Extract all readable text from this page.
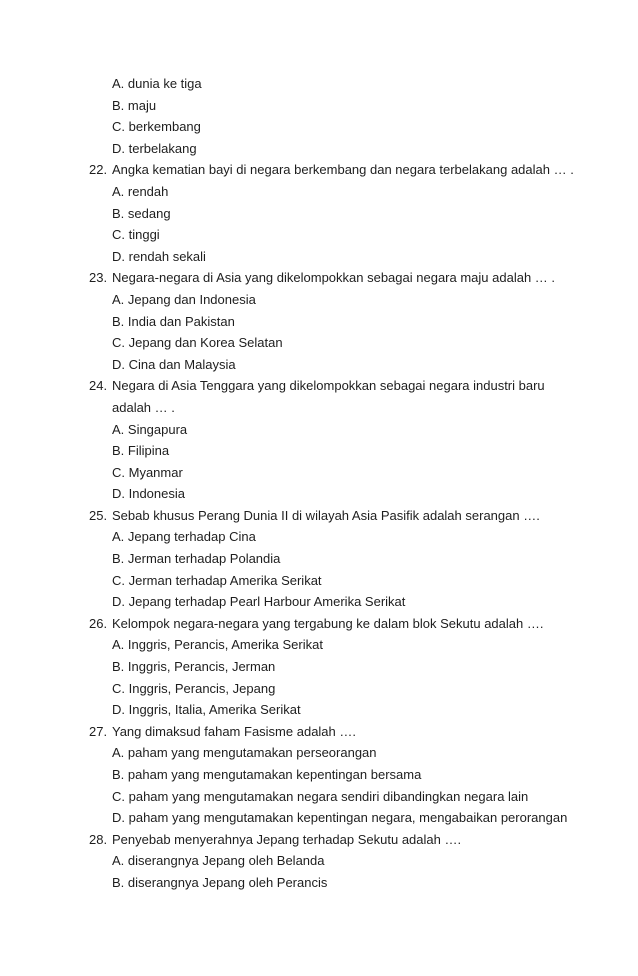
A. dunia ke tiga
B. maju
C. berkembang
D. terbelakang
22. Angka kematian bayi di negara berkembang dan negara terbelakang adalah … .
A. rendah
B. sedang
C. tinggi
D. rendah sekali
23. Negara-negara di Asia yang dikelompokkan sebagai negara maju adalah … .
A. Jepang dan Indonesia
B. India dan Pakistan
C. Jepang dan Korea Selatan
D. Cina dan Malaysia
24. Negara di Asia Tenggara yang dikelompokkan sebagai negara industri baru
adalah … .
A. Singapura
B. Filipina
C. Myanmar
D. Indonesia
25. Sebab khusus Perang Dunia II di wilayah Asia Pasifik adalah serangan ….
A. Jepang terhadap Cina
B. Jerman terhadap Polandia
C. Jerman terhadap Amerika Serikat
D. Jepang terhadap Pearl Harbour Amerika Serikat
26. Kelompok negara-negara yang tergabung ke dalam blok Sekutu adalah ….
A. Inggris, Perancis, Amerika Serikat
B. Inggris, Perancis, Jerman
C. Inggris, Perancis, Jepang
D. Inggris, Italia, Amerika Serikat
27. Yang dimaksud faham Fasisme adalah ….
A. paham yang mengutamakan perseorangan
B. paham yang mengutamakan kepentingan bersama
C. paham yang mengutamakan negara sendiri dibandingkan negara lain
D. paham yang mengutamakan kepentingan negara, mengabaikan perorangan
28. Penyebab menyerahnya Jepang terhadap Sekutu adalah ….
A. diserangnya Jepang oleh Belanda
B. diserangnya Jepang oleh Perancis
